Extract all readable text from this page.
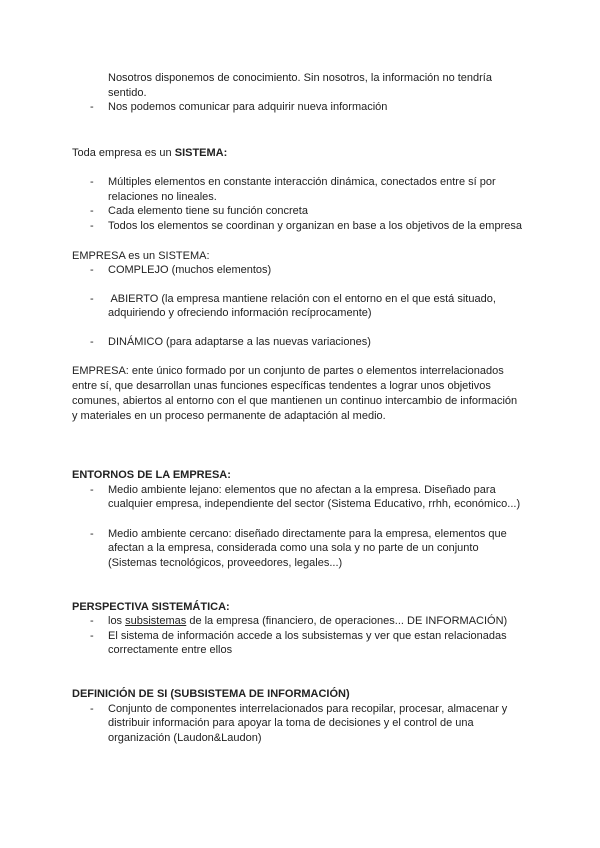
Nosotros disponemos de conocimiento. Sin nosotros, la información no tendría
sentido.
- Nos podemos comunicar para adquirir nueva información
Toda empresa es un SISTEMA:
- Múltiples elementos en constante interacción dinámica, conectados entre sí por
relaciones no lineales.
- Cada elemento tiene su función concreta
- Todos los elementos se coordinan y organizan en base a los objetivos de la empresa
EMPRESA es un SISTEMA:
- COMPLEJO (muchos elementos)
- ABIERTO (la empresa mantiene relación con el entorno en el que está situado,
adquiriendo y ofreciendo información recíprocamente)
- DINÁMICO (para adaptarse a las nuevas variaciones)
EMPRESA: ente único formado por un conjunto de partes o elementos interrelacionados
entre sí, que desarrollan unas funciones específicas tendentes a lograr unos objetivos
comunes, abiertos al entorno con el que mantienen un continuo intercambio de información
y materiales en un proceso permanente de adaptación al medio.
ENTORNOS DE LA EMPRESA:
- Medio ambiente lejano: elementos que no afectan a la empresa. Diseñado para
cualquier empresa, independiente del sector (Sistema Educativo, rrhh, económico...)
- Medio ambiente cercano: diseñado directamente para la empresa, elementos que
afectan a la empresa, considerada como una sola y no parte de un conjunto
(Sistemas tecnológicos, proveedores, legales...)
PERSPECTIVA SISTEMÁTICA:
- los subsistemas de la empresa (financiero, de operaciones... DE INFORMACIÓN)
- El sistema de información accede a los subsistemas y ver que estan relacionadas
correctamente entre ellos
DEFINICIÓN DE SI (SUBSISTEMA DE INFORMACIÓN)
- Conjunto de componentes interrelacionados para recopilar, procesar, almacenar y
distribuir información para apoyar la toma de decisiones y el control de una
organización (Laudon&Laudon)
